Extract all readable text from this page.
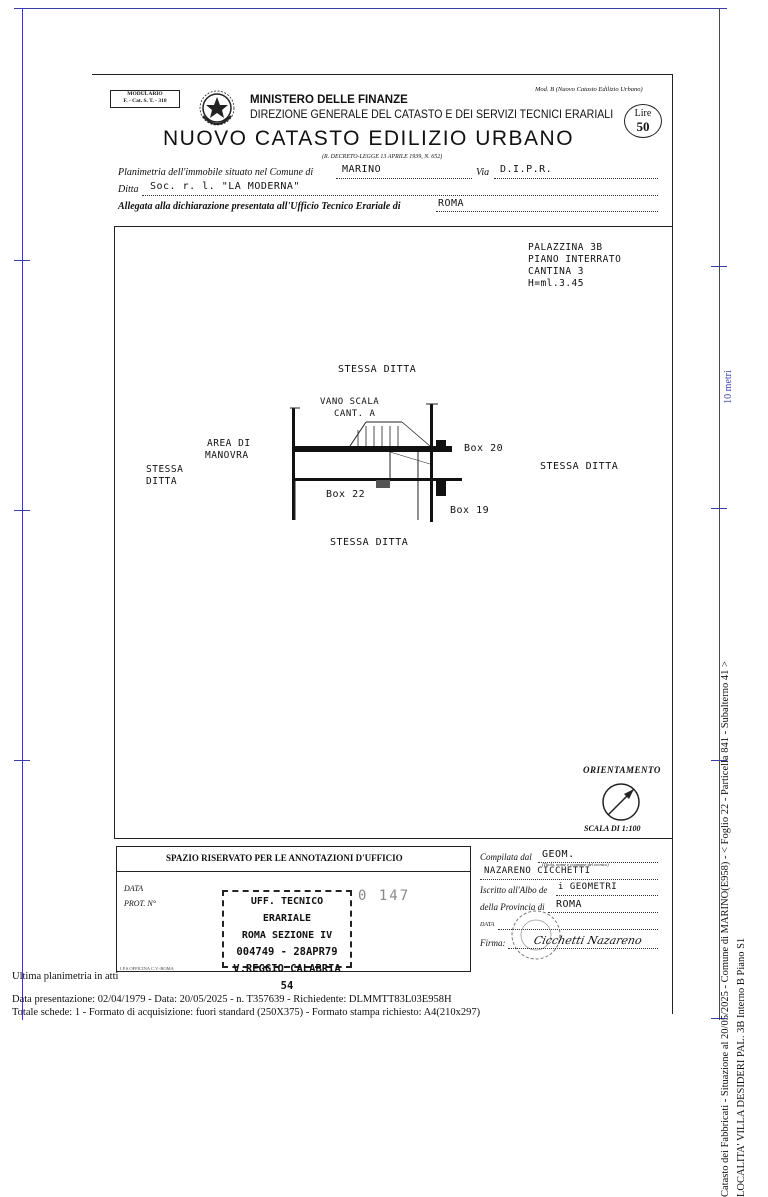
10 metri
Catasto dei Fabbricati - Situazione al 20/05/2025 - Comune di MARINO(E958) - < Foglio 22 - Particella 841 - Subalterno 41 > LOCALITA' VILLA DESIDERI PAL. 3B Interno B Piano S1
MODULARIO
F. - Cat. S. T. - 318
Mod. B (Nuovo Catasto Edilizio Urbano)
MINISTERO DELLE FINANZE
DIREZIONE GENERALE DEL CATASTO E DEI SERVIZI TECNICI ERARIALI
NUOVO CATASTO EDILIZIO URBANO
(R. DECRETO-LEGGE 13 APRILE 1939, N. 652)
Lire
50
Planimetria dell'immobile situato nel Comune di	MARINO	Via D.I.P.R.
Ditta Soc. r. l. "LA MODERNA"
Allegata alla dichiarazione presentata all'Ufficio Tecnico Erariale di	ROMA
PALAZZINA 3B
PIANO INTERRATO
CANTINA 3
H=ml.3.45
STESSA DITTA
VANO SCALA
CANT. A
AREA DI
MANOVRA
STESSA
DITTA
Box 20
STESSA DITTA
Box 22
Box 19
STESSA DITTA
ORIENTAMENTO
SCALA DI 1:100
SPAZIO RISERVATO PER LE ANNOTAZIONI D'UFFICIO
DATA
PROT. N°	UFF. TECNICO ERARIALE
ROMA SEZIONE IV
004749 - 28APR79
V.REGGIO CALABRIA 54
0 147
I.P.S.OFFICINA C.V.-ROMA
Compilata dal GEOM.
(Titolo, nome e cognome del tecnico)
NAZARENO CICCHETTI
Iscritto all'Albo de i GEOMETRI
della Provincia di ROMA
DATA
Firma: Cicchetti Nazareno
Ultima planimetria in atti
Data presentazione: 02/04/1979 - Data: 20/05/2025 - n. T357639 - Richiedente: DLMMTT83L03E958H
Totale schede: 1 - Formato di acquisizione: fuori standard (250X375) - Formato stampa richiesto: A4(210x297)
